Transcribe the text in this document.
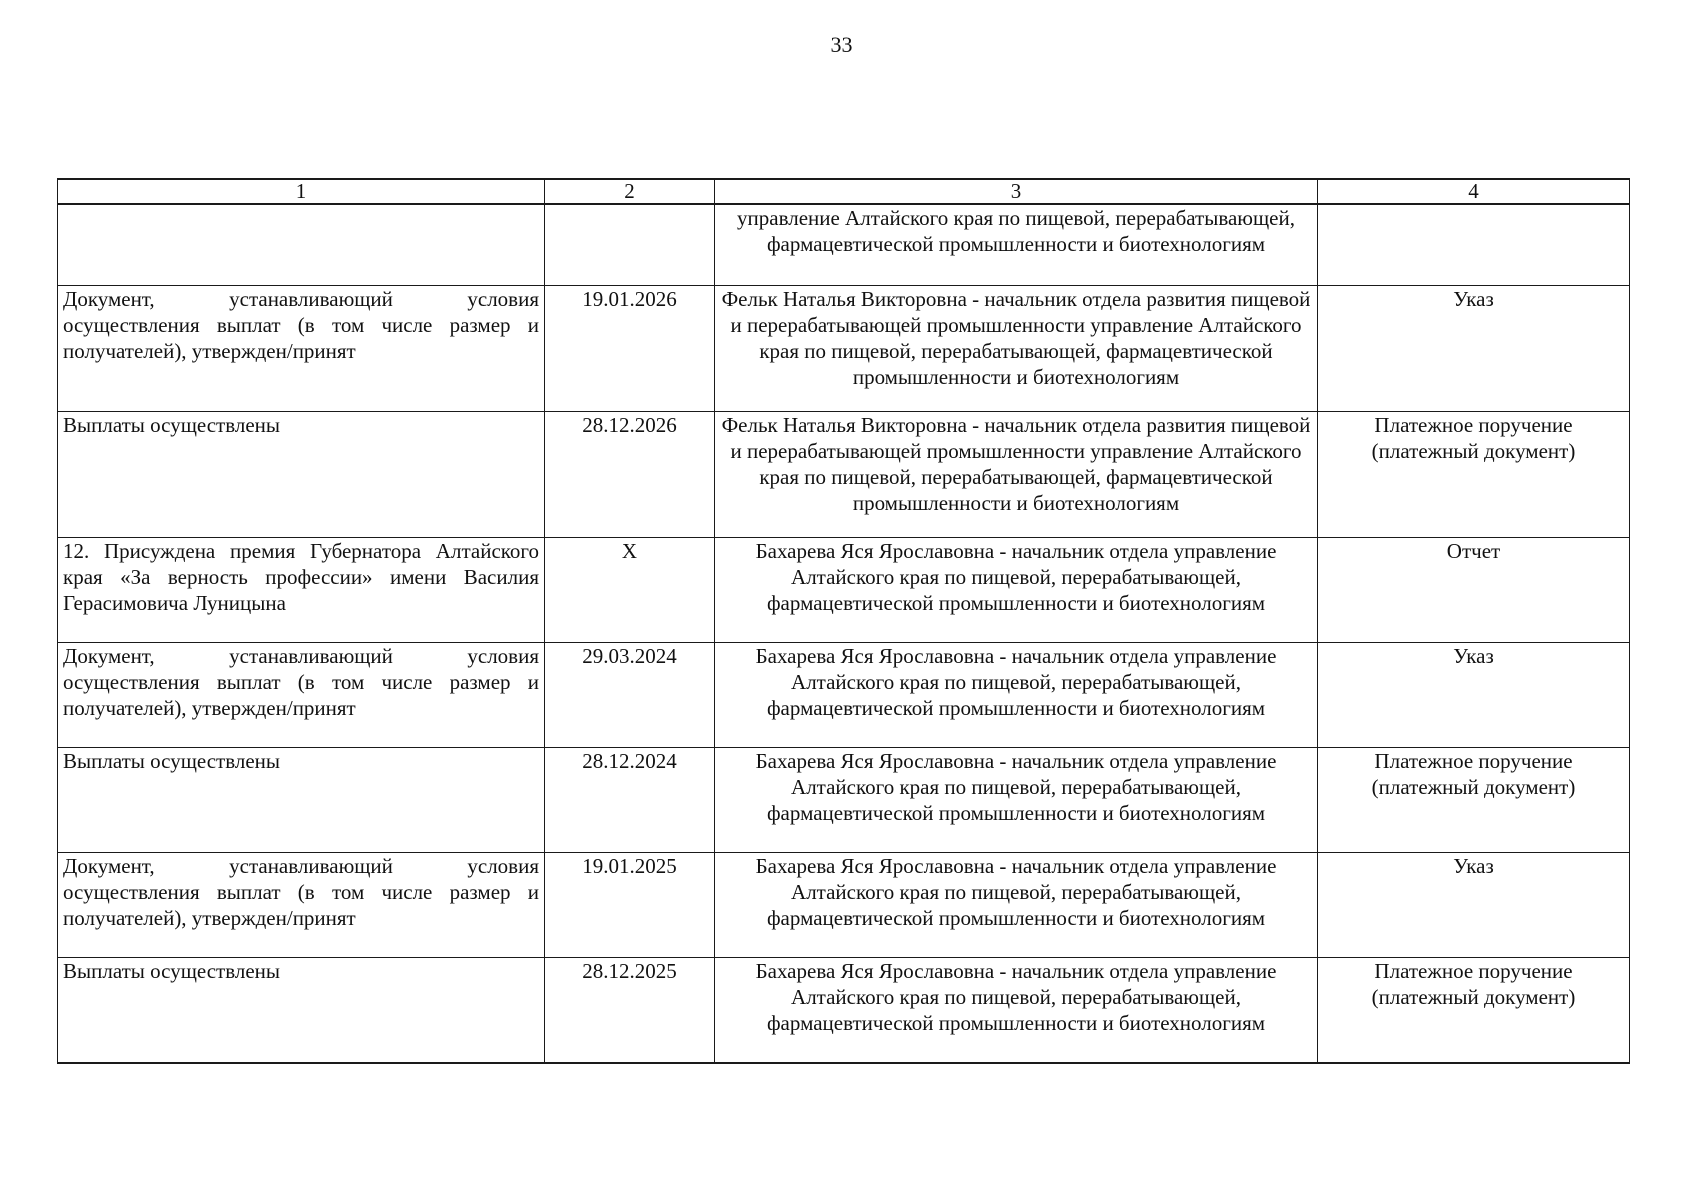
33
1	2	3	4
		управление Алтайского края по пищевой, перерабатывающей, фармацевтической промышленности и биотехнологиям	
Документ, устанавливающий условия осуществления выплат (в том числе размер и получателей), утвержден/принят	19.01.2026	Фельк Наталья Викторовна - начальник отдела развития пищевой и перерабатывающей промышленности управление Алтайского края по пищевой, перерабатывающей, фармацевтической промышленности и биотехнологиям	Указ
Выплаты осуществлены	28.12.2026	Фельк Наталья Викторовна - начальник отдела развития пищевой и перерабатывающей промышленности управление Алтайского края по пищевой, перерабатывающей, фармацевтической промышленности и биотехнологиям	Платежное поручение (платежный документ)
12. Присуждена премия Губернатора Алтайского края «За верность профессии» имени Василия Герасимовича Луницына	X	Бахарева Яся Ярославовна - начальник отдела управление Алтайского края по пищевой, перерабатывающей, фармацевтической промышленности и биотехнологиям	Отчет
Документ, устанавливающий условия осуществления выплат (в том числе размер и получателей), утвержден/принят	29.03.2024	Бахарева Яся Ярославовна - начальник отдела управление Алтайского края по пищевой, перерабатывающей, фармацевтической промышленности и биотехнологиям	Указ
Выплаты осуществлены	28.12.2024	Бахарева Яся Ярославовна - начальник отдела управление Алтайского края по пищевой, перерабатывающей, фармацевтической промышленности и биотехнологиям	Платежное поручение (платежный документ)
Документ, устанавливающий условия осуществления выплат (в том числе размер и получателей), утвержден/принят	19.01.2025	Бахарева Яся Ярославовна - начальник отдела управление Алтайского края по пищевой, перерабатывающей, фармацевтической промышленности и биотехнологиям	Указ
Выплаты осуществлены	28.12.2025	Бахарева Яся Ярославовна - начальник отдела управление Алтайского края по пищевой, перерабатывающей, фармацевтической промышленности и биотехнологиям	Платежное поручение (платежный документ)
